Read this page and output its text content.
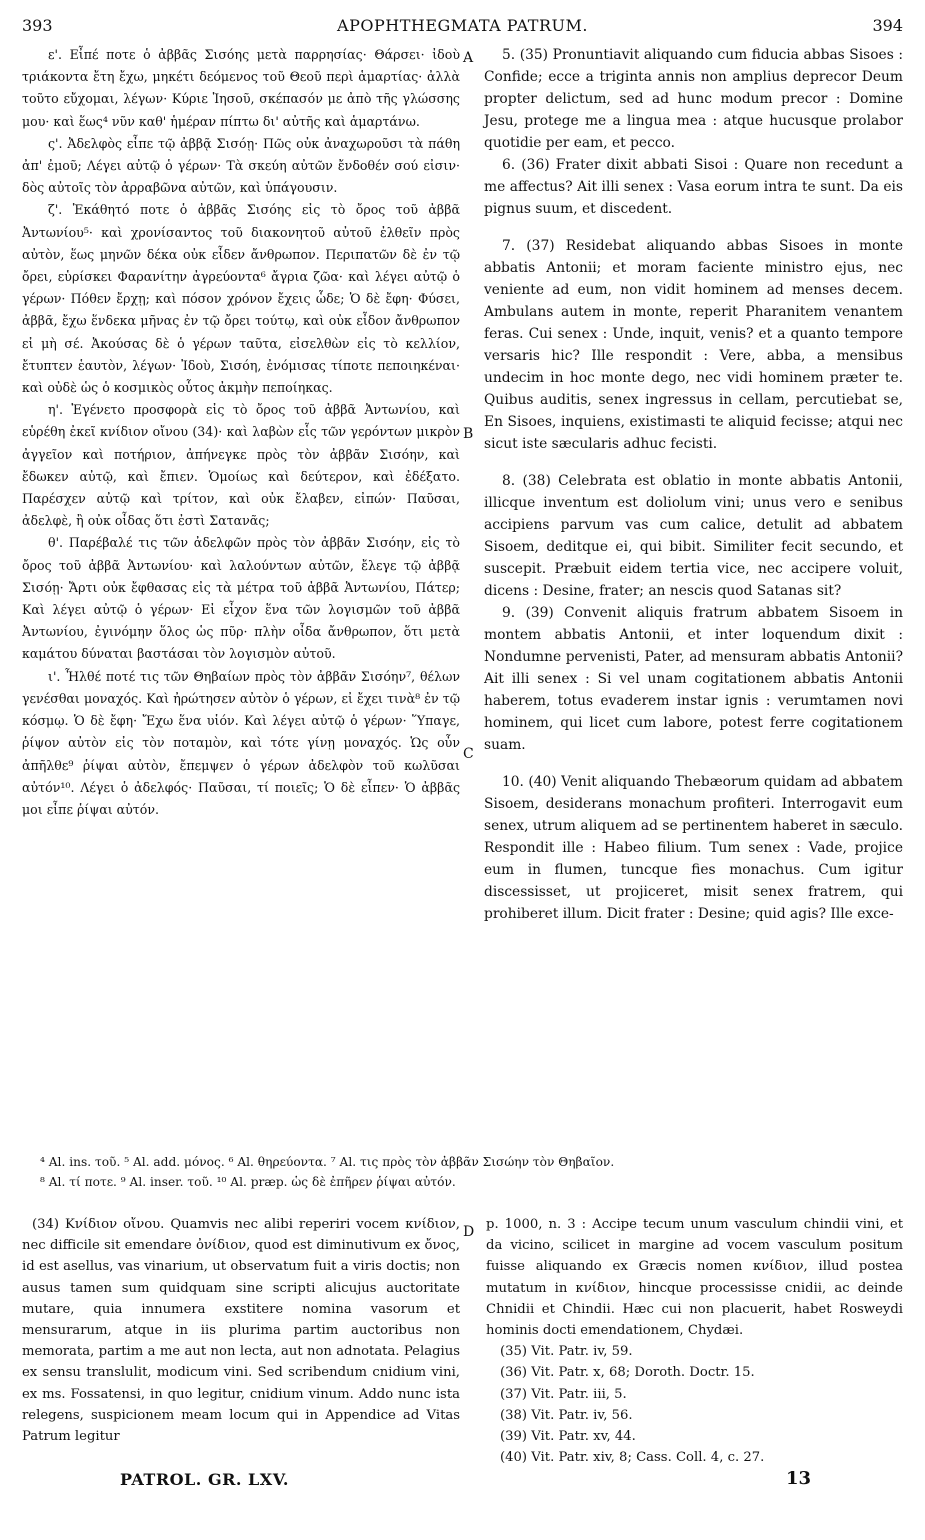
393	APOPHTHEGMATA PATRUM.	394

ε'. Εἶπέ ποτε ὁ ἀββᾶς Σισόης μετὰ παρρησίας· Θάρσει· ἰδοὺ τριάκοντα ἔτη ἔχω, μηκέτι δεόμενος τοῦ Θεοῦ περὶ ἁμαρτίας· ἀλλὰ τοῦτο εὔχομαι, λέγων· Κύριε Ἰησοῦ, σκέπασόν με ἀπὸ τῆς γλώσσης μου· καὶ ἕως⁴ νῦν καθ' ἡμέραν πίπτω δι' αὐτῆς καὶ ἁμαρτάνω.

ς'. Ἀδελφὸς εἶπε τῷ ἀββᾷ Σισόῃ· Πῶς οὐκ ἀναχωροῦσι τὰ πάθη ἀπ' ἐμοῦ; Λέγει αὐτῷ ὁ γέρων· Τὰ σκεύη αὐτῶν ἔνδοθέν σού εἰσιν· δὸς αὐτοῖς τὸν ἀρραβῶνα αὐτῶν, καὶ ὑπάγουσιν.

ζ'. Ἐκάθητό ποτε ὁ ἀββᾶς Σισόης εἰς τὸ ὄρος τοῦ ἀββᾶ Ἀντωνίου⁵· καὶ χρονίσαντος τοῦ διακονητοῦ αὐτοῦ ἐλθεῖν πρὸς αὐτὸν, ἕως μηνῶν δέκα οὐκ εἶδεν ἄνθρωπον. Περιπατῶν δὲ ἐν τῷ ὄρει, εὑρίσκει Φαρανίτην ἀγρεύοντα⁶ ἄγρια ζῶα· καὶ λέγει αὐτῷ ὁ γέρων· Πόθεν ἔρχῃ; καὶ πόσον χρόνον ἔχεις ὧδε; Ὁ δὲ ἔφη· Φύσει, ἀββᾶ, ἔχω ἕνδεκα μῆνας ἐν τῷ ὄρει τούτῳ, καὶ οὐκ εἶδον ἄνθρωπον εἰ μὴ σέ. Ἀκούσας δὲ ὁ γέρων ταῦτα, εἰσελθὼν εἰς τὸ κελλίον, ἔτυπτεν ἑαυτὸν, λέγων· Ἰδοὺ, Σισόη, ἐνόμισας τίποτε πεποιηκέναι· καὶ οὐδὲ ὡς ὁ κοσμικὸς οὗτος ἀκμὴν πεποίηκας.

η'. Ἐγένετο προσφορὰ εἰς τὸ ὄρος τοῦ ἀββᾶ Ἀντωνίου, καὶ εὑρέθη ἐκεῖ κνίδιον οἴνου (34)· καὶ λαβὼν εἷς τῶν γερόντων μικρὸν ἀγγεῖον καὶ ποτήριον, ἀπήνεγκε πρὸς τὸν ἀββᾶν Σισόην, καὶ ἔδωκεν αὐτῷ, καὶ ἔπιεν. Ὁμοίως καὶ δεύτερον, καὶ ἐδέξατο. Παρέσχεν αὐτῷ καὶ τρίτον, καὶ οὐκ ἔλαβεν, εἰπών· Παῦσαι, ἀδελφὲ, ἢ οὐκ οἶδας ὅτι ἐστὶ Σατανᾶς;

θ'. Παρέβαλέ τις τῶν ἀδελφῶν πρὸς τὸν ἀββᾶν Σισόην, εἰς τὸ ὄρος τοῦ ἀββᾶ Ἀντωνίου· καὶ λαλούντων αὐτῶν, ἔλεγε τῷ ἀββᾷ Σισόῃ· Ἄρτι οὐκ ἔφθασας εἰς τὰ μέτρα τοῦ ἀββᾶ Ἀντωνίου, Πάτερ; Καὶ λέγει αὐτῷ ὁ γέρων· Εἰ εἶχον ἕνα τῶν λογισμῶν τοῦ ἀββᾶ Ἀντωνίου, ἐγινόμην ὅλος ὡς πῦρ· πλὴν οἶδα ἄνθρωπον, ὅτι μετὰ καμάτου δύναται βαστάσαι τὸν λογισμὸν αὐτοῦ.

ι'. Ἦλθέ ποτέ τις τῶν Θηβαίων πρὸς τὸν ἀββᾶν Σισόην⁷, θέλων γενέσθαι μοναχός. Καὶ ἠρώτησεν αὐτὸν ὁ γέρων, εἰ ἔχει τινὰ⁸ ἐν τῷ κόσμῳ. Ὁ δὲ ἔφη· Ἔχω ἕνα υἱόν. Καὶ λέγει αὐτῷ ὁ γέρων· Ὕπαγε, ῥίψον αὐτὸν εἰς τὸν ποταμὸν, καὶ τότε γίνῃ μοναχός. Ὡς οὖν ἀπῆλθε⁹ ῥίψαι αὐτὸν, ἔπεμψεν ὁ γέρων ἀδελφὸν τοῦ κωλῦσαι αὐτόν¹⁰. Λέγει ὁ ἀδελφός· Παῦσαι, τί ποιεῖς; Ὁ δὲ εἶπεν· Ὁ ἀββᾶς μοι εἶπε ῥίψαι αὐτόν.

A
B
C
D

5. (35) Pronuntiavit aliquando cum fiducia abbas Sisoes : Confide; ecce a triginta annis non amplius deprecor Deum propter delictum, sed ad hunc modum precor : Domine Jesu, protege me a lingua mea : atque hucusque prolabor quotidie per eam, et pecco.

6. (36) Frater dixit abbati Sisoi : Quare non recedunt a me affectus? Ait illi senex : Vasa eorum intra te sunt. Da eis pignus suum, et discedent.

7. (37) Residebat aliquando abbas Sisoes in monte abbatis Antonii; et moram faciente ministro ejus, nec veniente ad eum, non vidit hominem ad menses decem. Ambulans autem in monte, reperit Pharanitem venantem feras. Cui senex : Unde, inquit, venis? et a quanto tempore versaris hic? Ille respondit : Vere, abba, a mensibus undecim in hoc monte dego, nec vidi hominem præter te. Quibus auditis, senex ingressus in cellam, percutiebat se, En Sisoes, inquiens, existimasti te aliquid fecisse; atqui nec sicut iste sæcularis adhuc fecisti.

8. (38) Celebrata est oblatio in monte abbatis Antonii, illicque inventum est doliolum vini; unus vero e senibus accipiens parvum vas cum calice, detulit ad abbatem Sisoem, deditque ei, qui bibit. Similiter fecit secundo, et suscepit. Præbuit eidem tertia vice, nec accipere voluit, dicens : Desine, frater; an nescis quod Satanas sit?

9. (39) Convenit aliquis fratrum abbatem Sisoem in montem abbatis Antonii, et inter loquendum dixit : Nondumne pervenisti, Pater, ad mensuram abbatis Antonii? Ait illi senex : Si vel unam cogitationem abbatis Antonii haberem, totus evaderem instar ignis : verumtamen novi hominem, qui licet cum labore, potest ferre cogitationem suam.

10. (40) Venit aliquando Thebæorum quidam ad abbatem Sisoem, desiderans monachum profiteri. Interrogavit eum senex, utrum aliquem ad se pertinentem haberet in sæculo. Respondit ille : Habeo filium. Tum senex : Vade, projice eum in flumen, tuncque fies monachus. Cum igitur discessisset, ut projiceret, misit senex fratrem, qui prohiberet illum. Dicit frater : Desine; quid agis? Ille exce-

⁴ Al. ins. τοῦ. ⁵ Al. add. μόνος. ⁶ Al. θηρεύοντα. ⁷ Al. τις πρὸς τὸν ἀββᾶν Σισώην τὸν Θηβαῖον.

⁸ Al. τί ποτε. ⁹ Al. inser. τοῦ. ¹⁰ Al. præp. ὡς δὲ ἐπῆρεν ῥίψαι αὐτόν.

(34) Κνίδιον οἴνου. Quamvis nec alibi reperiri vocem κνίδιον, nec difficile sit emendare ὀνίδιον, quod est diminutivum ex ὄνος, id est asellus, vas vinarium, ut observatum fuit a viris doctis; non ausus tamen sum quidquam sine scripti alicujus auctoritate mutare, quia innumera exstitere nomina vasorum et mensurarum, atque in iis plurima partim auctoribus non memorata, partim a me aut non lecta, aut non adnotata. Pelagius ex sensu translulit, modicum vini. Sed scribendum cnidium vini, ex ms. Fossatensi, in quo legitur, cnidium vinum. Addo nunc ista relegens, suspicionem meam locum qui in Appendice ad Vitas Patrum legitur

p. 1000, n. 3 : Accipe tecum unum vasculum chindii vini, et da vicino, scilicet in margine ad vocem vasculum positum fuisse aliquando ex Græcis nomen κνίδιον, illud postea mutatum in κνίδιον, hincque processisse cnidii, ac deinde Chnidii et Chindii. Hæc cui non placuerit, habet Rosweydi hominis docti emendationem, Chydæi.

(35) Vit. Patr. iv, 59.
(36) Vit. Patr. x, 68; Doroth. Doctr. 15.
(37) Vit. Patr. iii, 5.
(38) Vit. Patr. iv, 56.
(39) Vit. Patr. xv, 44.
(40) Vit. Patr. xiv, 8; Cass. Coll. 4, c. 27.
PATROL. GR. LXV.	13
